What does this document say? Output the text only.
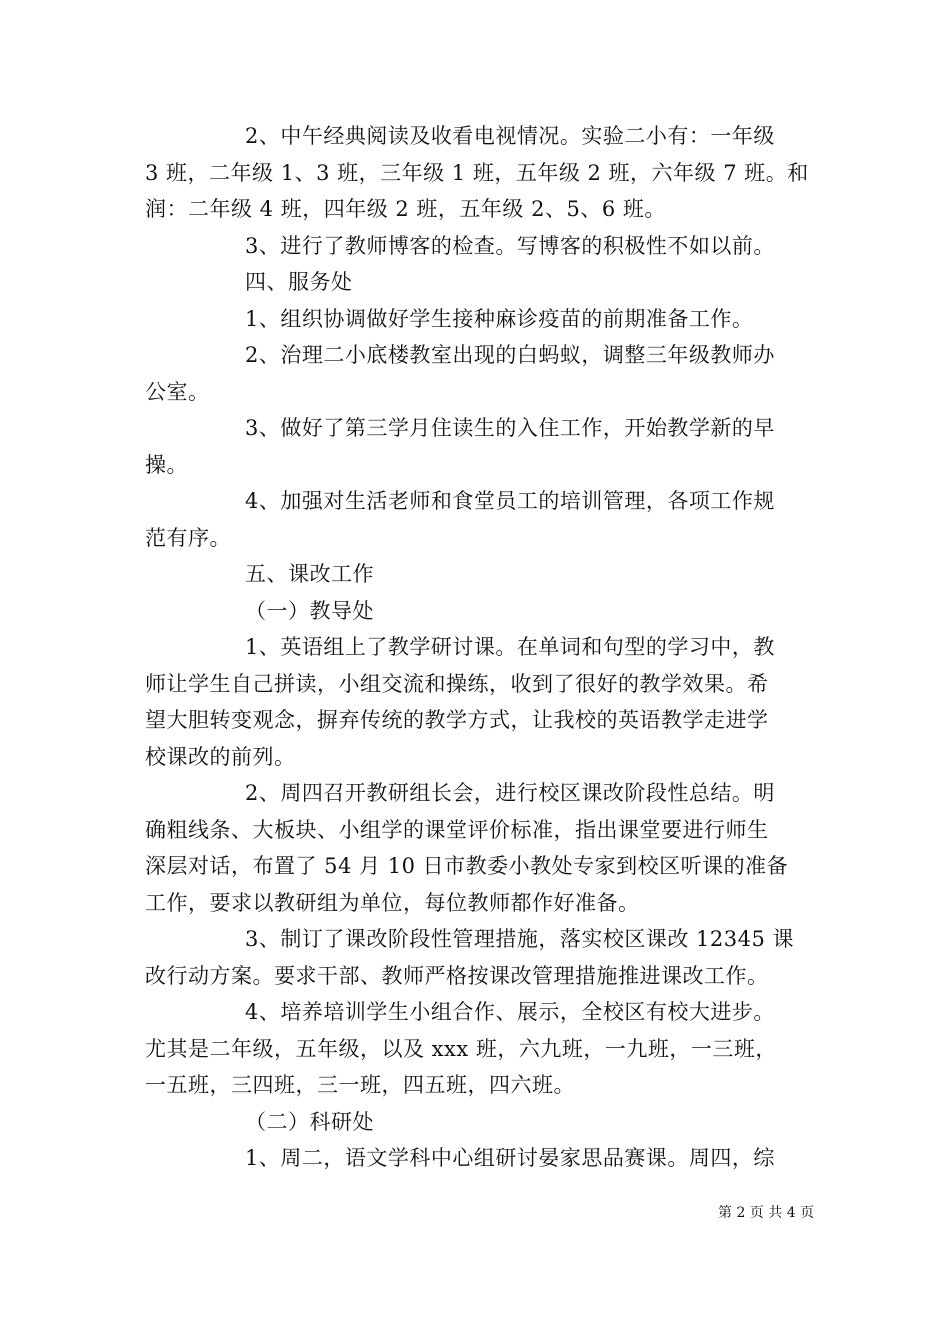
2、中午经典阅读及收看电视情况。实验二小有：一年级
3 班，二年级 1、3 班，三年级 1 班，五年级 2 班，六年级 7 班。和
润：二年级 4 班，四年级 2 班，五年级 2、5、6 班。
3、进行了教师博客的检查。写博客的积极性不如以前。
四、服务处
1、组织协调做好学生接种麻诊疫苗的前期准备工作。
2、治理二小底楼教室出现的白蚂蚁，调整三年级教师办
公室。
3、做好了第三学月住读生的入住工作，开始教学新的早
操。
4、加强对生活老师和食堂员工的培训管理，各项工作规
范有序。
五、课改工作
（一）教导处
1、英语组上了教学研讨课。在单词和句型的学习中，教
师让学生自己拼读，小组交流和操练，收到了很好的教学效果。希
望大胆转变观念，摒弃传统的教学方式，让我校的英语教学走进学
校课改的前列。
2、周四召开教研组长会，进行校区课改阶段性总结。明
确粗线条、大板块、小组学的课堂评价标准，指出课堂要进行师生
深层对话，布置了 54 月 10 日市教委小教处专家到校区听课的准备
工作，要求以教研组为单位，每位教师都作好准备。
3、制订了课改阶段性管理措施，落实校区课改 12345 课
改行动方案。要求干部、教师严格按课改管理措施推进课改工作。
4、培养培训学生小组合作、展示，全校区有校大进步。
尤其是二年级，五年级，以及 xxx 班，六九班，一九班，一三班，
一五班，三四班，三一班，四五班，四六班。
（二）科研处
1、周二，语文学科中心组研讨晏家思品赛课。周四，综
第 2 页 共 4 页
